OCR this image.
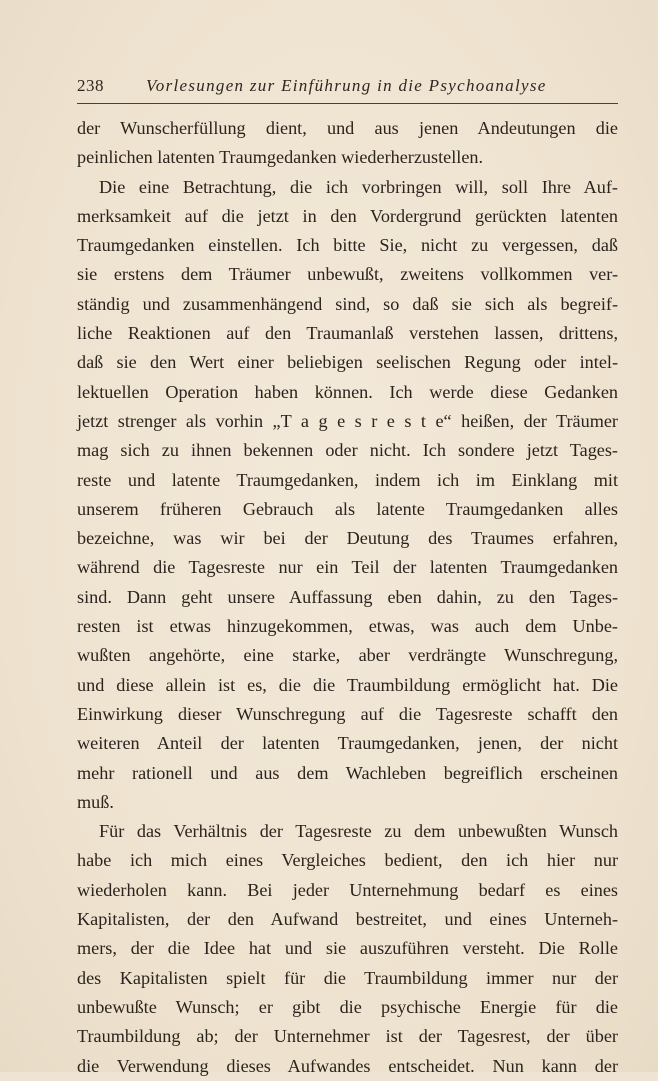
238 Vorlesungen zur Einführung in die Psychoanalyse
der Wunscherfüllung dient, und aus jenen Andeutungen die
peinlichen latenten Traumgedanken wiederherzustellen.
Die eine Betrachtung, die ich vorbringen will, soll Ihre Auf-
merksamkeit auf die jetzt in den Vordergrund gerückten latenten
Traumgedanken einstellen. Ich bitte Sie, nicht zu vergessen, daß
sie erstens dem Träumer unbewußt, zweitens vollkommen ver-
ständig und zusammenhängend sind, so daß sie sich als begreif-
liche Reaktionen auf den Traumanlaß verstehen lassen, drittens,
daß sie den Wert einer beliebigen seelischen Regung oder intel-
lektuellen Operation haben können. Ich werde diese Gedanken
jetzt strenger als vorhin „T a g e s r e s t e“ heißen, der Träumer
mag sich zu ihnen bekennen oder nicht. Ich sondere jetzt Tages-
reste und latente Traumgedanken, indem ich im Einklang mit
unserem früheren Gebrauch als latente Traumgedanken alles
bezeichne, was wir bei der Deutung des Traumes erfahren,
während die Tagesreste nur ein Teil der latenten Traumgedanken
sind. Dann geht unsere Auffassung eben dahin, zu den Tages-
resten ist etwas hinzugekommen, etwas, was auch dem Unbe-
wußten angehörte, eine starke, aber verdrängte Wunschregung,
und diese allein ist es, die die Traumbildung ermöglicht hat. Die
Einwirkung dieser Wunschregung auf die Tagesreste schafft den
weiteren Anteil der latenten Traumgedanken, jenen, der nicht
mehr rationell und aus dem Wachleben begreiflich erscheinen
muß.
Für das Verhältnis der Tagesreste zu dem unbewußten Wunsch
habe ich mich eines Vergleiches bedient, den ich hier nur
wiederholen kann. Bei jeder Unternehmung bedarf es eines
Kapitalisten, der den Aufwand bestreitet, und eines Unterneh-
mers, der die Idee hat und sie auszuführen versteht. Die Rolle
des Kapitalisten spielt für die Traumbildung immer nur der
unbewußte Wunsch; er gibt die psychische Energie für die
Traumbildung ab; der Unternehmer ist der Tagesrest, der über
die Verwendung dieses Aufwandes entscheidet. Nun kann der
